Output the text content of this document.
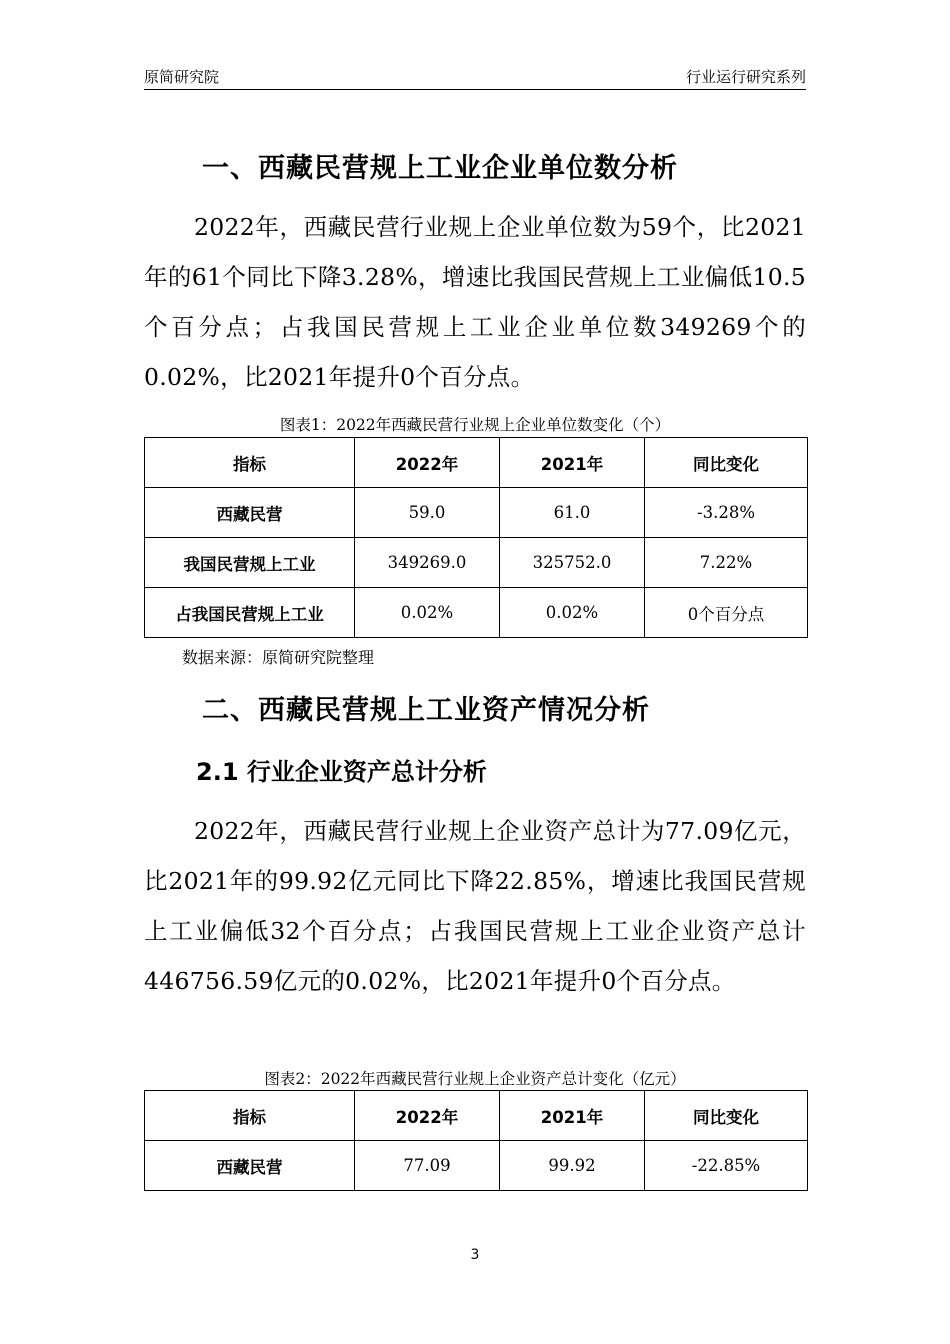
原简研究院	行业运行研究系列
一、西藏民营规上工业企业单位数分析
2022年，西藏民营行业规上企业单位数为59个，比2021年的61个同比下降3.28%，增速比我国民营规上工业偏低10.5个百分点；占我国民营规上工业企业单位数349269个的0.02%，比2021年提升0个百分点。
图表1：2022年西藏民营行业规上企业单位数变化（个）
指标	2022年	2021年	同比变化
西藏民营	59.0	61.0	-3.28%
我国民营规上工业	349269.0	325752.0	7.22%
占我国民营规上工业	0.02%	0.02%	0个百分点
数据来源：原简研究院整理
二、西藏民营规上工业资产情况分析
2.1 行业企业资产总计分析
2022年，西藏民营行业规上企业资产总计为77.09亿元，比2021年的99.92亿元同比下降22.85%，增速比我国民营规上工业偏低32个百分点；占我国民营规上工业企业资产总计446756.59亿元的0.02%，比2021年提升0个百分点。
图表2：2022年西藏民营行业规上企业资产总计变化（亿元）
指标	2022年	2021年	同比变化
西藏民营	77.09	99.92	-22.85%
3
